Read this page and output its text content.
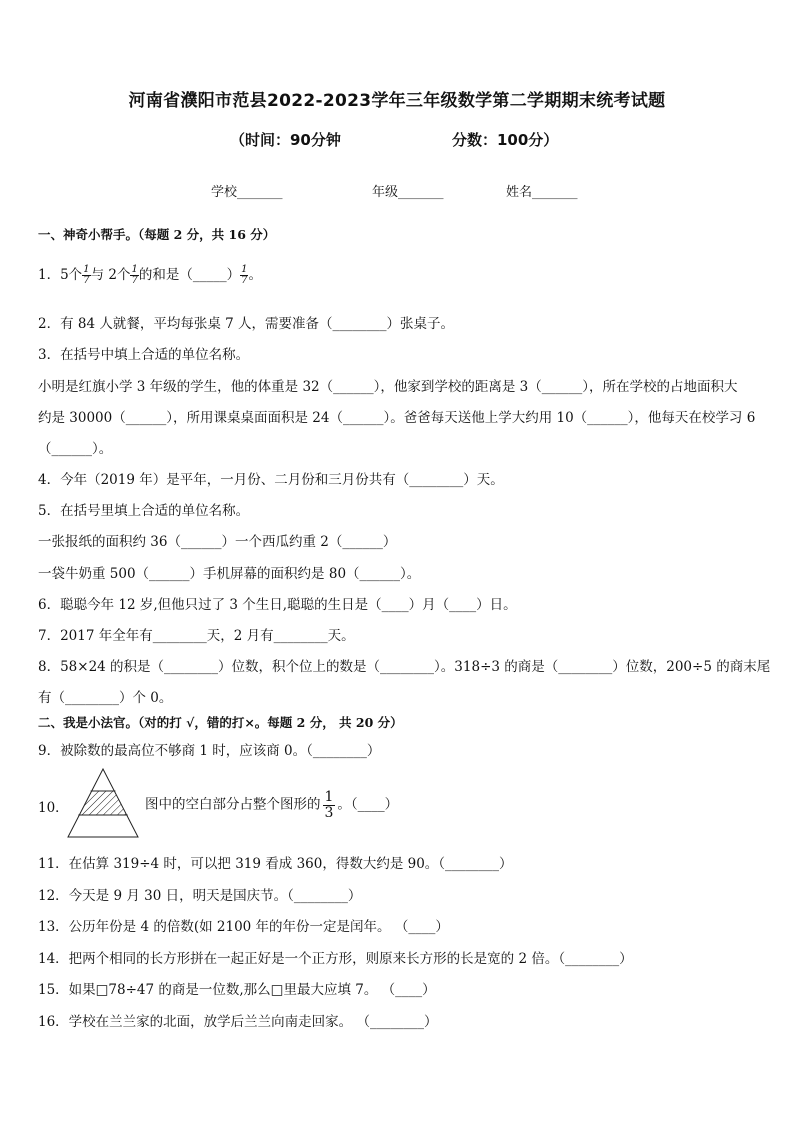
河南省濮阳市范县2022-2023学年三年级数学第二学期期末统考试题
（时间：90分钟	分数：100分）
学校_______	年级_______	姓名_______
一、神奇小帮手。（每题 2 分，共 16 分）
1．5个 $\frac{1}{7}$ 与 2个 $\frac{1}{7}$ 的和是（_____） $\frac{1}{7}$ 。
2．有 84 人就餐，平均每张桌 7 人，需要准备（________）张桌子。
3．在括号中填上合适的单位名称。
小明是红旗小学 3 年级的学生，他的体重是 32（______），他家到学校的距离是 3（______），所在学校的占地面积大
约是 30000（______），所用课桌桌面面积是 24（______）。爸爸每天送他上学大约用 10（______），他每天在校学习 6
（______）。
4．今年（2019 年）是平年，一月份、二月份和三月份共有（________）天。
5．在括号里填上合适的单位名称。
一张报纸的面积约 36（______）一个西瓜约重 2（______）
一袋牛奶重 500（______）手机屏幕的面积约是 80（______）。
6．聪聪今年 12 岁,但他只过了 3 个生日,聪聪的生日是（____）月（____）日。
7．2017 年全年有________天，2 月有________天。
8．58×24 的积是（________）位数，积个位上的数是（________）。318÷3 的商是（________）位数，200÷5 的商末尾
有（________）个 0。
二、我是小法官。（对的打 √，错的打×。每题 2 分， 共 20 分）
9．被除数的最高位不够商 1 时，应该商 0。（________）
10．	图中的空白部分占整个图形的 $\frac{1}{3}$ 。（____）
11．在估算 319÷4 时，可以把 319 看成 360，得数大约是 90。（________）
12．今天是 9 月 30 日，明天是国庆节。（________）
13．公历年份是 4 的倍数(如 2100 年的年份一定是闰年。 （____）
14．把两个相同的长方形拼在一起正好是一个正方形，则原来长方形的长是宽的 2 倍。（________）
15．如果□78÷47 的商是一位数,那么□里最大应填 7。 （____）
16．学校在兰兰家的北面，放学后兰兰向南走回家。 （________）
